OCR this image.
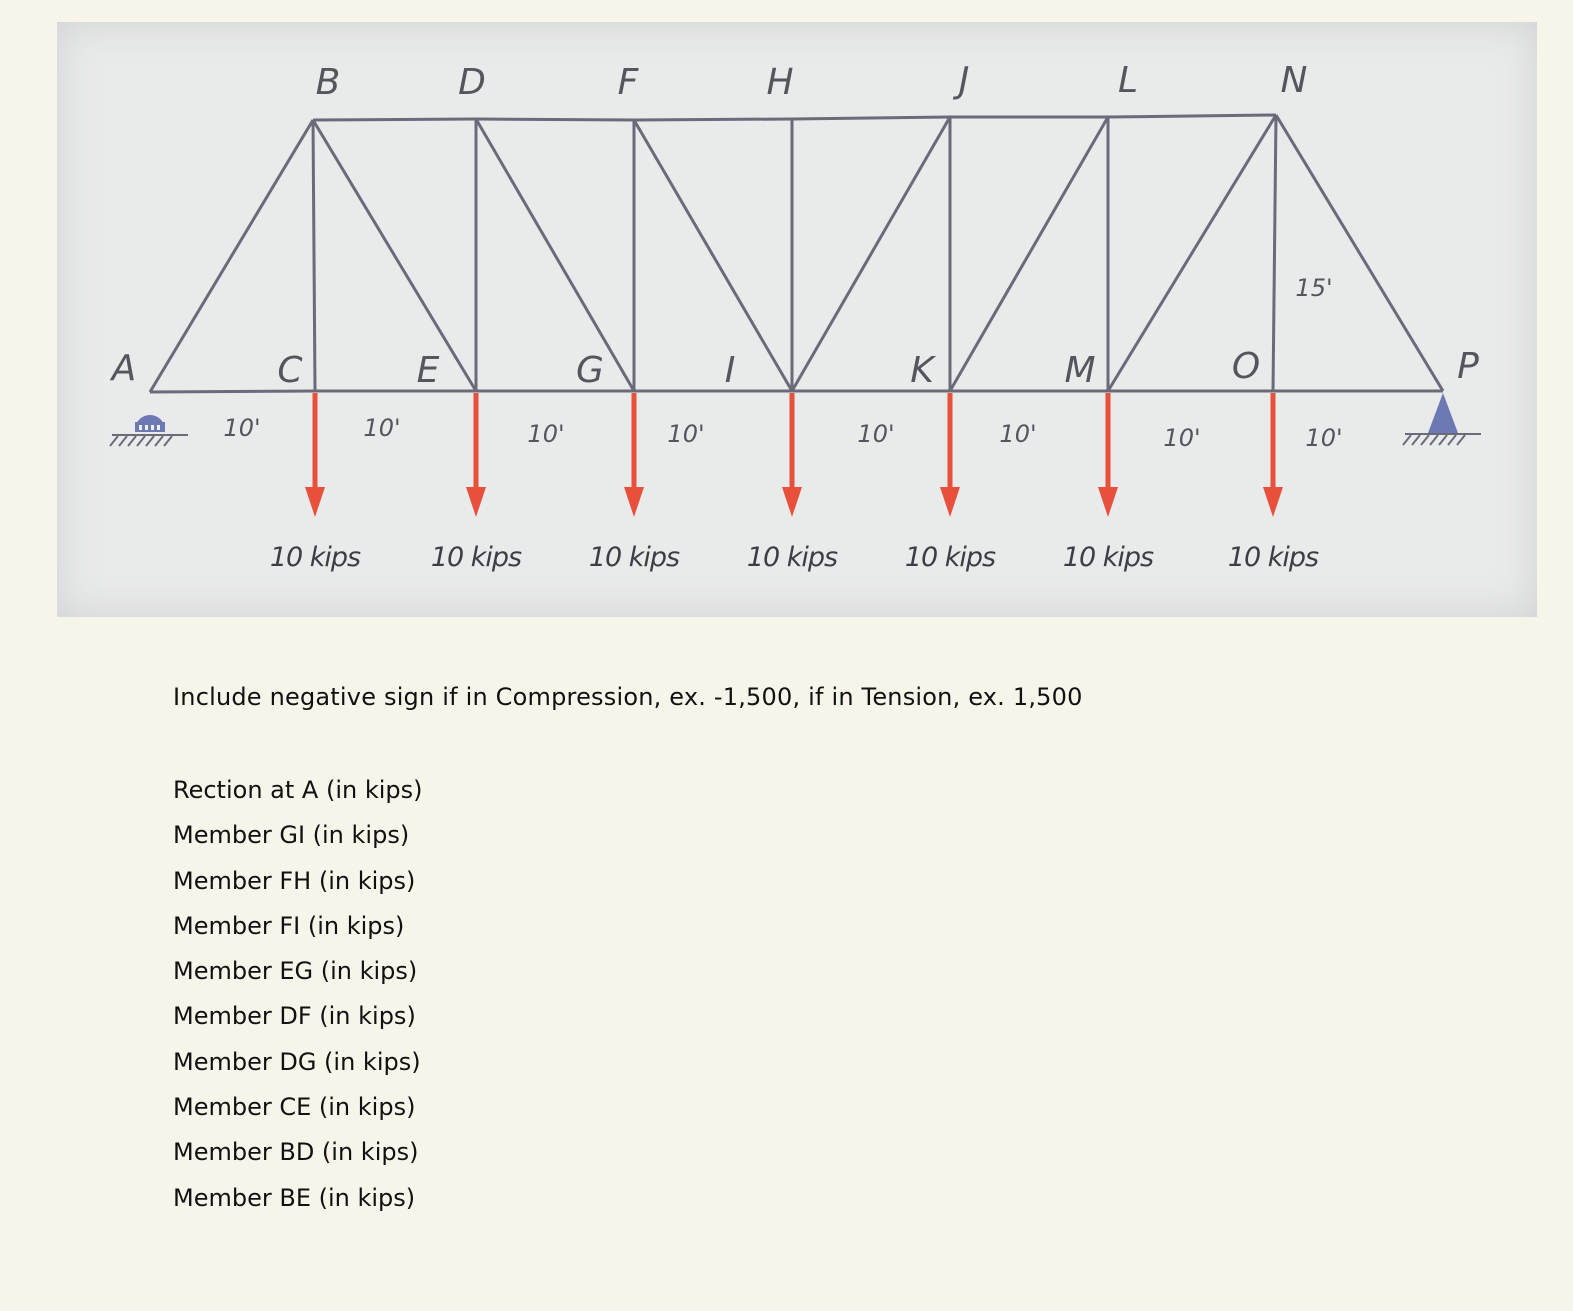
10 kips	10 kips	10 kips	10 kips	10 kips	10 kips	10 kips
A
B
C
D
E
F
G
H
I
J
K
L
M
N
O	P
10'	10'	10'	10'	10'	10'	10'	10'
15'
Include negative sign if in Compression, ex. -1,500, if in Tension, ex. 1,500
Rection at A (in kips)
Member GI (in kips)
Member FH (in kips)
Member FI (in kips)
Member EG (in kips)
Member DF (in kips)
Member DG (in kips)
Member CE (in kips)
Member BD (in kips)
Member BE (in kips)
